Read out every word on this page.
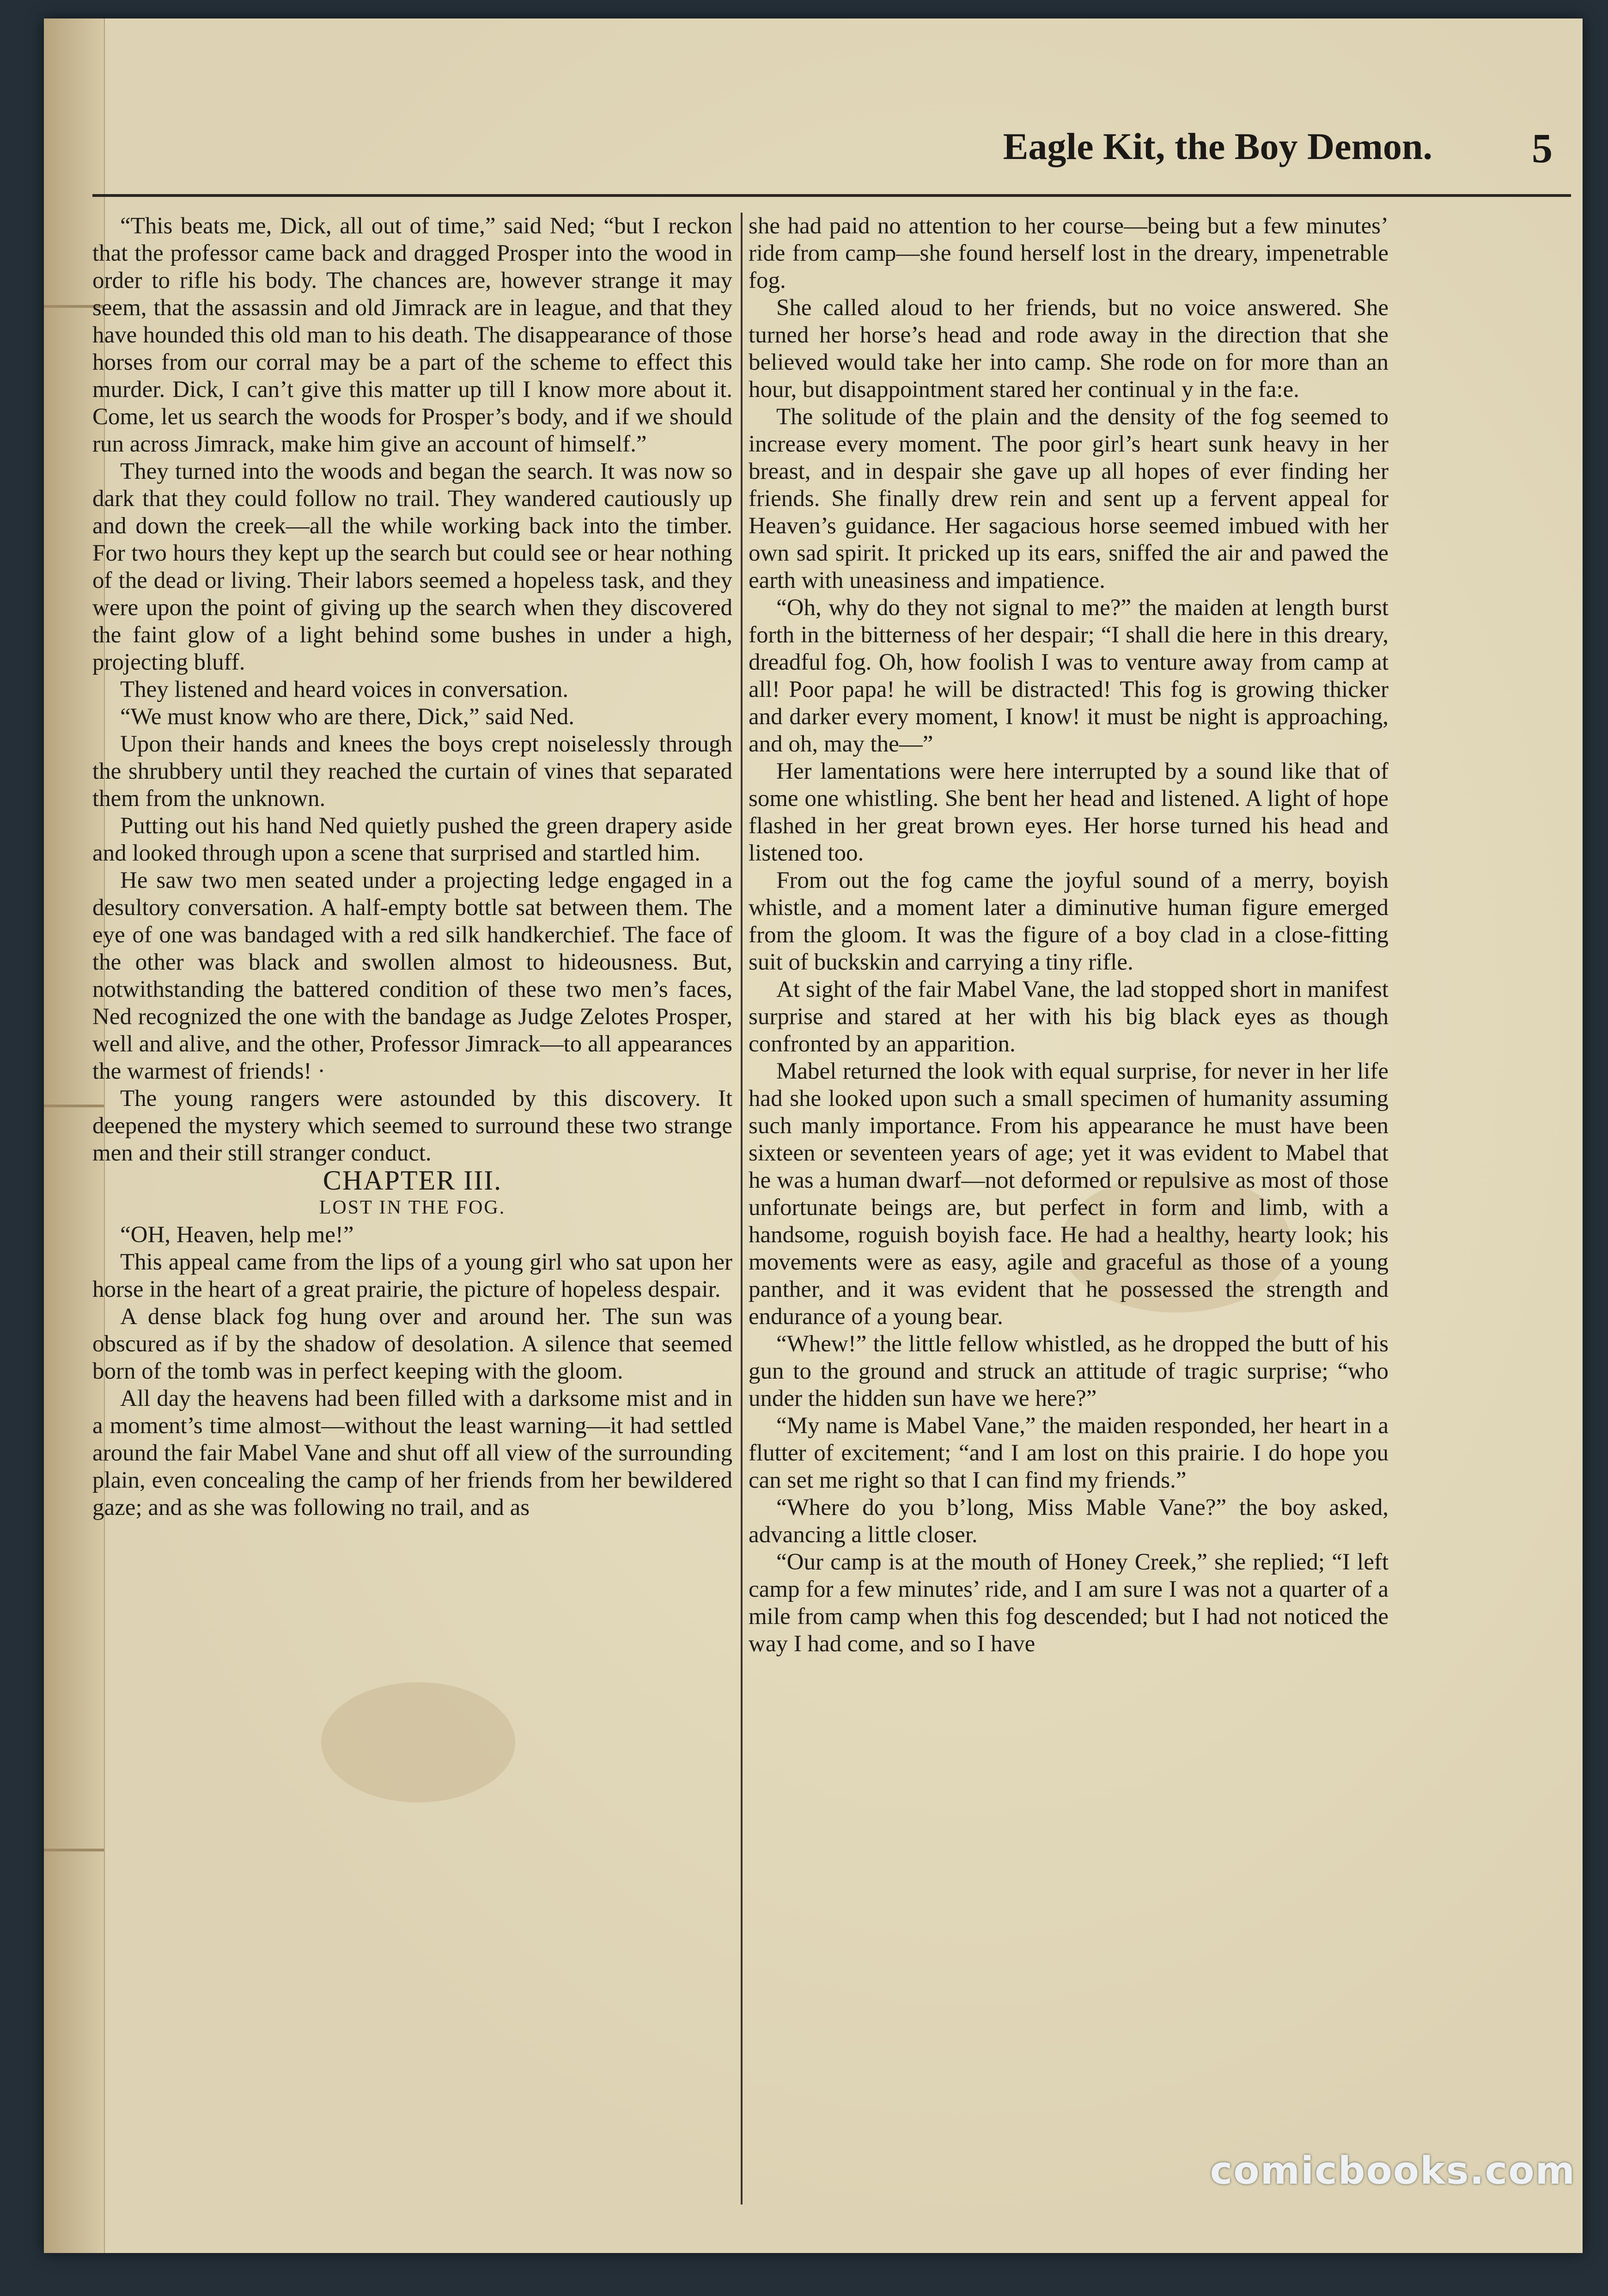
Eagle Kit, the Boy Demon. 5

“This beats me, Dick, all out of time,” said Ned; “but I reckon that the professor came back and dragged Prosper into the wood in order to rifle his body. The chances are, however strange it may seem, that the assassin and old Jimrack are in league, and that they have hounded this old man to his death. The disappearance of those horses from our corral may be a part of the scheme to effect this murder. Dick, I can’t give this matter up till I know more about it. Come, let us search the woods for Prosper’s body, and if we should run across Jimrack, make him give an account of himself.”

They turned into the woods and began the search. It was now so dark that they could follow no trail. They wandered cautiously up and down the creek—all the while working back into the timber. For two hours they kept up the search but could see or hear nothing of the dead or living. Their labors seemed a hopeless task, and they were upon the point of giving up the search when they discovered the faint glow of a light behind some bushes in under a high, projecting bluff.

They listened and heard voices in conversation.

“We must know who are there, Dick,” said Ned.

Upon their hands and knees the boys crept noiselessly through the shrubbery until they reached the curtain of vines that separated them from the unknown.

Putting out his hand Ned quietly pushed the green drapery aside and looked through upon a scene that surprised and startled him.

He saw two men seated under a projecting ledge engaged in a desultory conversation. A half-empty bottle sat between them. The eye of one was bandaged with a red silk handkerchief. The face of the other was black and swollen almost to hideousness. But, notwithstanding the battered condition of these two men’s faces, Ned recognized the one with the bandage as Judge Zelotes Prosper, well and alive, and the other, Professor Jimrack—to all appearances the warmest of friends! ·

The young rangers were astounded by this discovery. It deepened the mystery which seemed to surround these two strange men and their still stranger conduct.

CHAPTER III.

LOST IN THE FOG.

“OH, Heaven, help me!”

This appeal came from the lips of a young girl who sat upon her horse in the heart of a great prairie, the picture of hopeless despair.

A dense black fog hung over and around her. The sun was obscured as if by the shadow of desolation. A silence that seemed born of the tomb was in perfect keeping with the gloom.

All day the heavens had been filled with a darksome mist and in a moment’s time almost—without the least warning—it had settled around the fair Mabel Vane and shut off all view of the surrounding plain, even concealing the camp of her friends from her bewildered gaze; and as she was following no trail, and as

she had paid no attention to her course—being but a few minutes’ ride from camp—she found herself lost in the dreary, impenetrable fog.

She called aloud to her friends, but no voice answered. She turned her horse’s head and rode away in the direction that she believed would take her into camp. She rode on for more than an hour, but disappointment stared her continual y in the fa:e.

The solitude of the plain and the density of the fog seemed to increase every moment. The poor girl’s heart sunk heavy in her breast, and in despair she gave up all hopes of ever finding her friends. She finally drew rein and sent up a fervent appeal for Heaven’s guidance. Her sagacious horse seemed imbued with her own sad spirit. It pricked up its ears, sniffed the air and pawed the earth with uneasiness and impatience.

“Oh, why do they not signal to me?” the maiden at length burst forth in the bitterness of her despair; “I shall die here in this dreary, dreadful fog. Oh, how foolish I was to venture away from camp at all! Poor papa! he will be distracted! This fog is growing thicker and darker every moment, I know! it must be night is approaching, and oh, may the—”

Her lamentations were here interrupted by a sound like that of some one whistling. She bent her head and listened. A light of hope flashed in her great brown eyes. Her horse turned his head and listened too.

From out the fog came the joyful sound of a merry, boyish whistle, and a moment later a diminutive human figure emerged from the gloom. It was the figure of a boy clad in a close-fitting suit of buckskin and carrying a tiny rifle.

At sight of the fair Mabel Vane, the lad stopped short in manifest surprise and stared at her with his big black eyes as though confronted by an apparition.

Mabel returned the look with equal surprise, for never in her life had she looked upon such a small specimen of humanity assuming such manly importance. From his appearance he must have been sixteen or seventeen years of age; yet it was evident to Mabel that he was a human dwarf—not deformed or repulsive as most of those unfortunate beings are, but perfect in form and limb, with a handsome, roguish boyish face. He had a healthy, hearty look; his movements were as easy, agile and graceful as those of a young panther, and it was evident that he possessed the strength and endurance of a young bear.

“Whew!” the little fellow whistled, as he dropped the butt of his gun to the ground and struck an attitude of tragic surprise; “who under the hidden sun have we here?”

“My name is Mabel Vane,” the maiden responded, her heart in a flutter of excitement; “and I am lost on this prairie. I do hope you can set me right so that I can find my friends.”

“Where do you b’long, Miss Mable Vane?” the boy asked, advancing a little closer.

“Our camp is at the mouth of Honey Creek,” she replied; “I left camp for a few minutes’ ride, and I am sure I was not a quarter of a mile from camp when this fog descended; but I had not noticed the way I had come, and so I have

comicbooks.com
